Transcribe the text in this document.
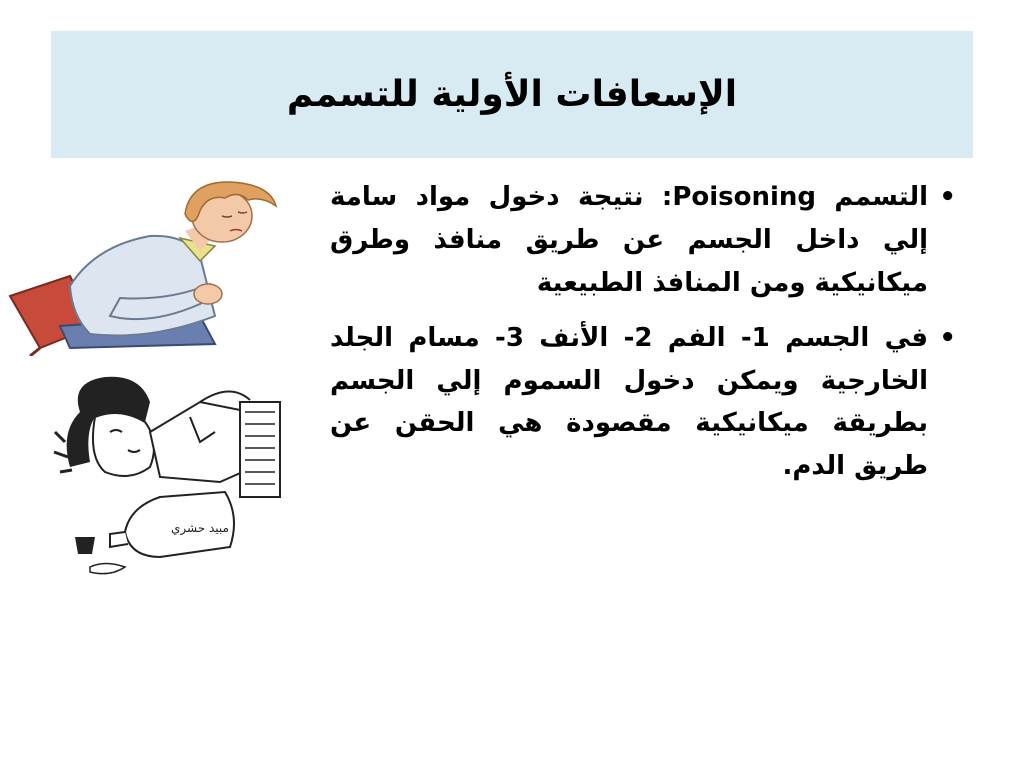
الإسعافات الأولية للتسمم
مبيد حشري
•
التسمم Poisoning: نتيجة دخول مواد سامة إلي داخل الجسم عن طريق منافذ وطرق ميكانيكية ومن المنافذ الطبيعية
•
في الجسم 1- الفم 2- الأنف 3- مسام الجلد الخارجية ويمكن دخول السموم إلي الجسم بطريقة ميكانيكية مقصودة هي الحقن عن طريق الدم.
